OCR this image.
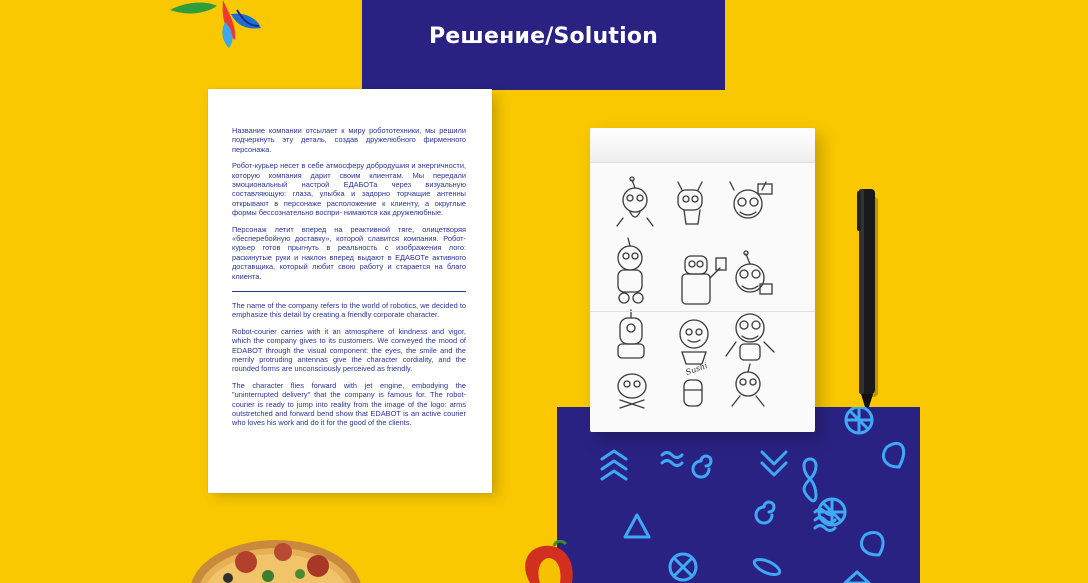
Решение/Solution

Название компании отсылает к миру робототехники, мы решили подчеркнуть эту деталь, создав дружелюбного фирменного персонажа.

Робот-курьер несет в себе атмосферу добродушия и энергичности, которую компания дарит своим клиентам. Мы передали эмоциональный настрой ЕДАБОТа через визуальную составляющую: глаза, улыбка и задорно торчащие антенны открывают в персонаже расположение к клиенту, а округлые формы бессознательно воспри- нимаются как дружелюбные.

Персонаж летит вперед на реактивной тяге, олицетворяя «бесперебойную доставку», которой славится компания. Робот-курьер готов прыгнуть в реальность с изображения лого: раскинутые руки и наклон вперед выдают в ЕДАБОТе активного доставщика, который любит свою работу и старается на благо клиента.

The name of the company refers to the world of robotics, we decided to emphasize this detail by creating a friendly corporate character.

Robot-courier carries with it an atmosphere of kindness and vigor, which the company gives to its customers. We conveyed the mood of EDABOT through the visual component: the eyes, the smile and the merrily protruding antennas give the character cordiality, and the rounded forms are unconsciously perceived as friendly.

The character flies forward with jet engine, embodying the "uninterrupted delivery" that the company is famous for. The robot-courier is ready to jump into reality from the image of the logo: arms outstretched and forward bend show that EDABOT is an active courier who loves his work and do it for the good of the clients.

Sushi
